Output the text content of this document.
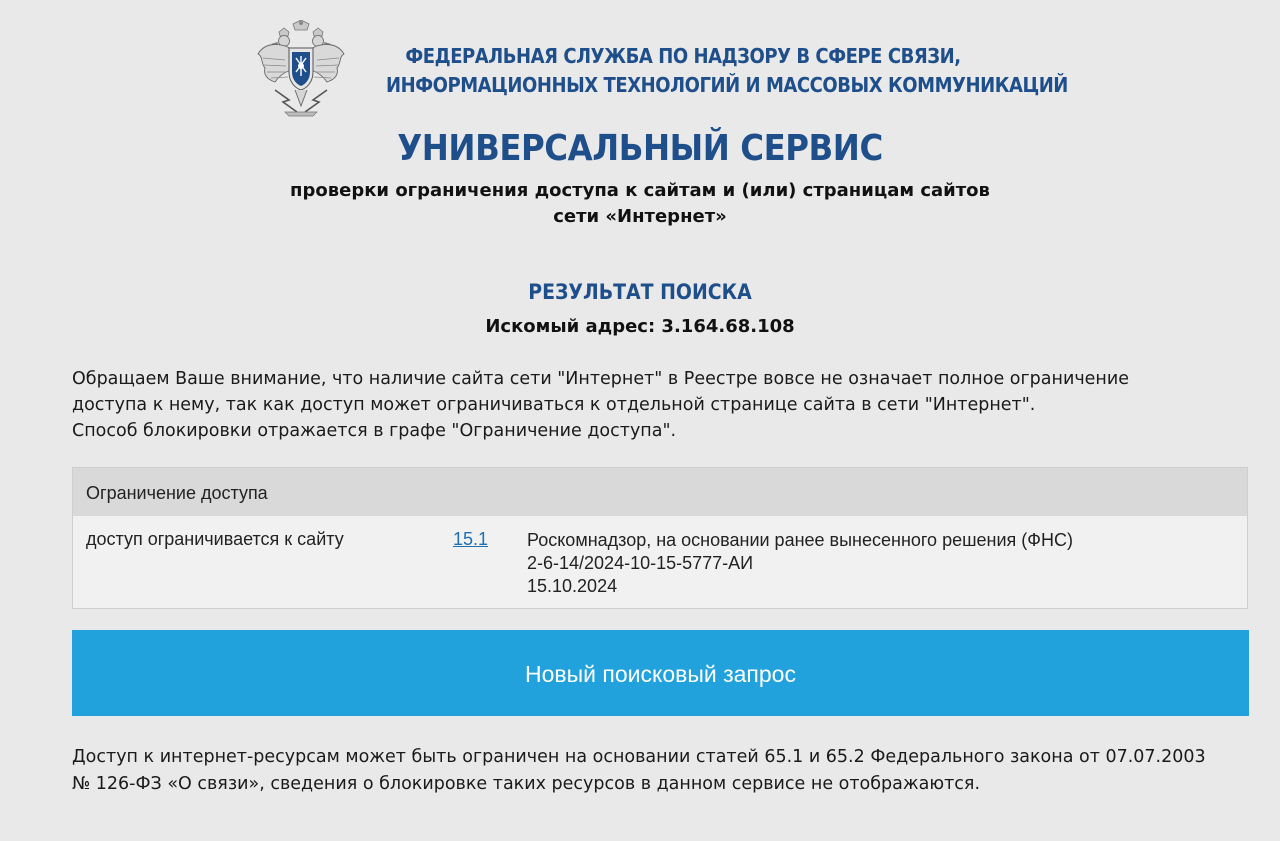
ФЕДЕРАЛЬНАЯ СЛУЖБА ПО НАДЗОРУ В СФЕРЕ СВЯЗИ,
ИНФОРМАЦИОННЫХ ТЕХНОЛОГИЙ И МАССОВЫХ КОММУНИКАЦИЙ
УНИВЕРСАЛЬНЫЙ СЕРВИС
проверки ограничения доступа к сайтам и (или) страницам сайтов
сети «Интернет»
РЕЗУЛЬТАТ ПОИСКА
Искомый адрес: 3.164.68.108
Обращаем Ваше внимание, что наличие сайта сети "Интернет" в Реестре вовсе не означает полное ограничение
доступа к нему, так как доступ может ограничиваться к отдельной странице сайта в сети "Интернет".
Способ блокировки отражается в графе "Ограничение доступа".
Ограничение доступа
доступ ограничивается к сайту	15.1 Роскомнадзор, на основании ранее вынесенного решения (ФНС)
2-6-14/2024-10-15-5777-АИ
15.10.2024
Новый поисковый запрос
Доступ к интернет-ресурсам может быть ограничен на основании статей 65.1 и 65.2 Федерального закона от 07.07.2003
№ 126-ФЗ «О связи», сведения о блокировке таких ресурсов в данном сервисе не отображаются.
